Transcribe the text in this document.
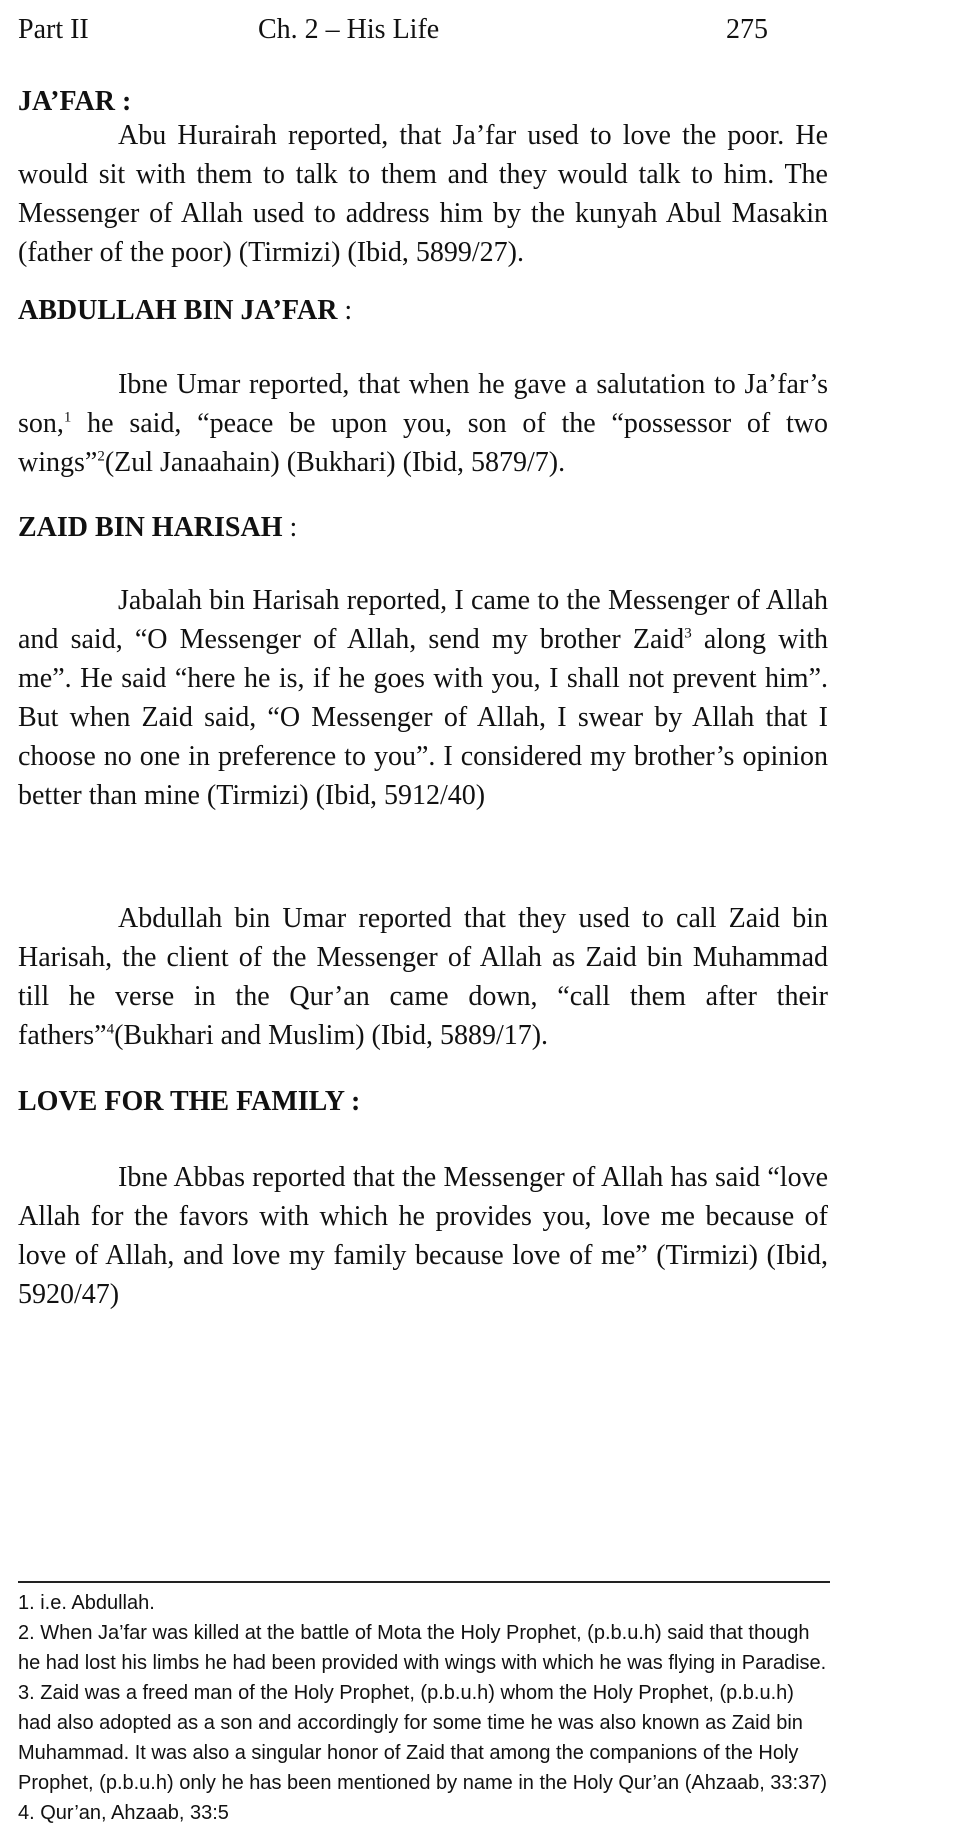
Part II	Ch. 2 – His Life	275
JA’FAR :

Abu Hurairah reported, that Ja’far used to love the poor. He would sit with them to talk to them and they would talk to him. The Messenger of Allah used to address him by the kunyah Abul Masakin (father of the poor) (Tirmizi) (Ibid, 5899/27).

ABDULLAH BIN JA’FAR :

Ibne Umar reported, that when he gave a salutation to Ja’far’s son,$^1$ he said, “peace be upon you, son of the “possessor of two wings”$^2$(Zul Janaahain) (Bukhari) (Ibid, 5879/7).

ZAID BIN HARISAH :

Jabalah bin Harisah reported, I came to the Messenger of Allah and said, “O Messenger of Allah, send my brother Zaid$^3$ along with me”. He said “here he is, if he goes with you, I shall not prevent him”. But when Zaid said, “O Messenger of Allah, I swear by Allah that I choose no one in preference to you”. I considered my brother’s opinion better than mine (Tirmizi) (Ibid, 5912/40)

Abdullah bin Umar reported that they used to call Zaid bin Harisah, the client of the Messenger of Allah as Zaid bin Muhammad till he verse in the Qur’an came down, “call them after their fathers”$^4$(Bukhari and Muslim) (Ibid, 5889/17).

LOVE FOR THE FAMILY :

Ibne Abbas reported that the Messenger of Allah has said “love Allah for the favors with which he provides you, love me because of love of Allah, and love my family because love of me” (Tirmizi) (Ibid, 5920/47)

1. i.e. Abdullah.

2. When Ja’far was killed at the battle of Mota the Holy Prophet, (p.b.u.h) said that though he had lost his limbs he had been provided with wings with which he was flying in Paradise.

3. Zaid was a freed man of the Holy Prophet, (p.b.u.h) whom the Holy Prophet, (p.b.u.h) had also adopted as a son and accordingly for some time he was also known as Zaid bin Muhammad. It was also a singular honor of Zaid that among the companions of the Holy Prophet, (p.b.u.h) only he has been mentioned by name in the Holy Qur’an (Ahzaab, 33:37)

4. Qur’an, Ahzaab, 33:5
